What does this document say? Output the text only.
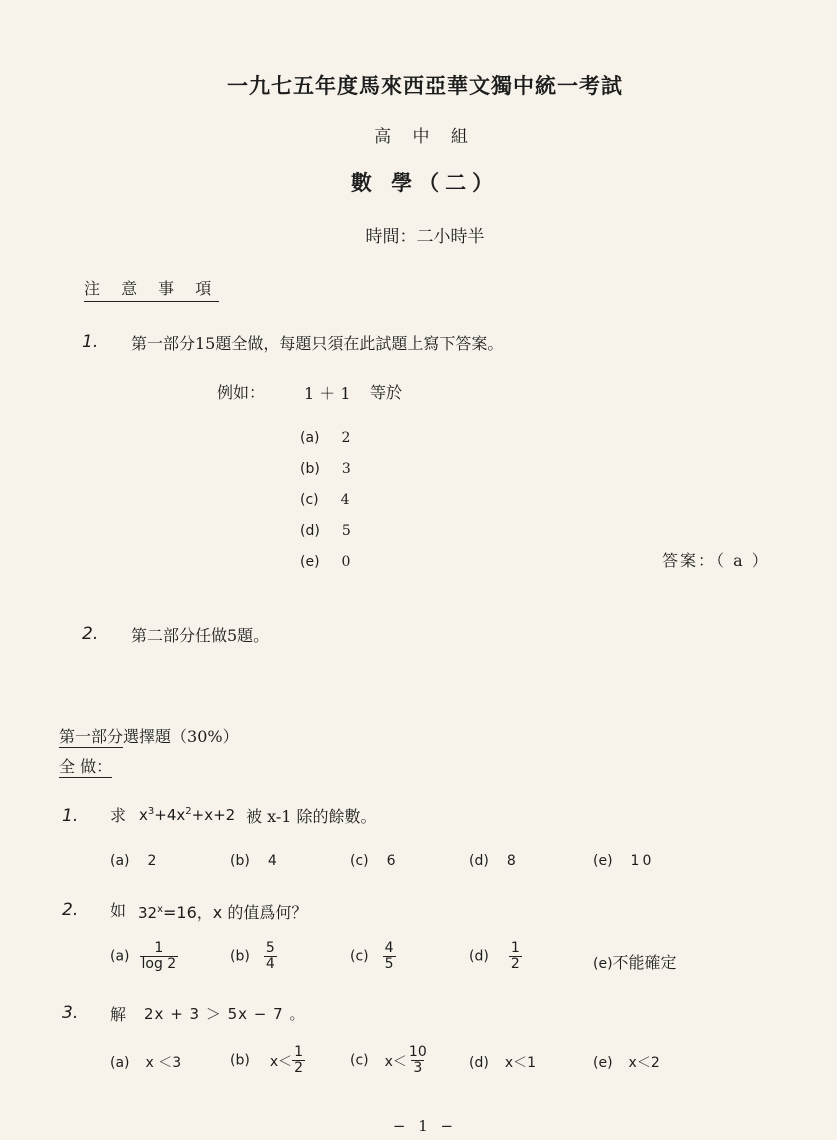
一九七五年度馬來西亞華文獨中統一考試
高 中 組
數 學（二）
時間：二小時半
注 意 事 項
1. 第一部分15題全做，每題只須在此試題上寫下答案。
例如： 1 ＋ 1 等於
(a) 2
(b) 3
(c) 4
(d) 5
(e) 0	答案：（ a ）
2. 第二部分任做5題。
第一部分選擇題（30%）
全 做：
1. 求 $x^3+4x^2+x+2$ 被 x-1 除的餘數。
(a) 2	(b) 4	(c) 6	(d) 8	(e) 10
2. 如 $32^x=16$，x 的值爲何？
$(a) \frac{1}{\log 2}$	$(b) \frac{5}{4}$	$(c) \frac{4}{5}$	$(d) \frac{1}{2}$	(e)不能確定
3. 解 2x + 3 ＞ 5x − 7 。
(a) x ＜3	(b) $x< \frac{1}{2}$	(c) $x< \frac{10}{3}$	(d) x＜1	(e) x＜2
− 1 −
